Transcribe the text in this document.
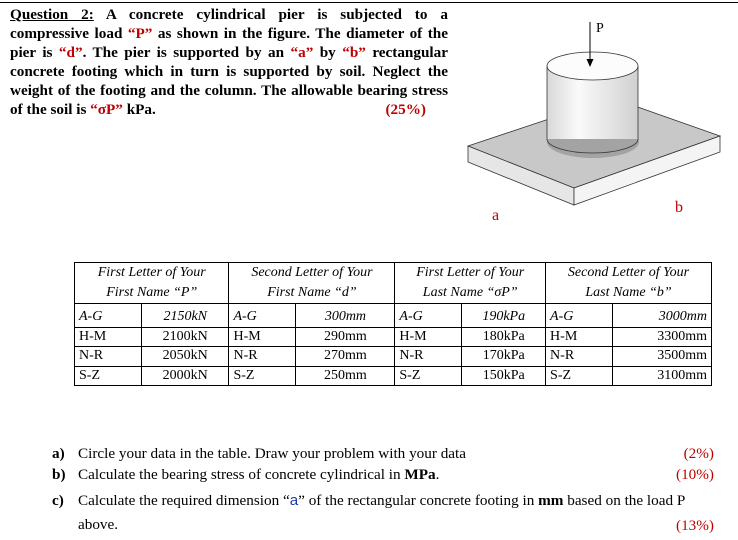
Question 2: A concrete cylindrical pier is subjected to a compressive load “P” as shown in the figure. The diameter of the pier is “d”. The pier is supported by an “a” by “b” rectangular concrete footing which in turn is supported by soil. Neglect the weight of the footing and the column. The allowable bearing stress of the soil is “σP” kPa.	(25%)
P
a	b
First Letter of Your
First Name “P”		Second Letter of Your
First Name “d”		First Letter of Your
Last Name “σP”		Second Letter of Your
Last Name “b”	
A-G	2150kN	A-G	300mm	A-G	190kPa	A-G	3000mm
H-M	2100kN	H-M	290mm	H-M	180kPa	H-M	3300mm
N-R	2050kN	N-R	270mm	N-R	170kPa	N-R	3500mm
S-Z	2000kN	S-Z	250mm	S-Z	150kPa	S-Z	3100mm
a) Circle your data in the table. Draw your problem with your data	(2%)
b) Calculate the bearing stress of concrete cylindrical in MPa.	(10%)
c) Calculate the required dimension “a” of the rectangular concrete footing in mm based on the load P
above.	(13%)
